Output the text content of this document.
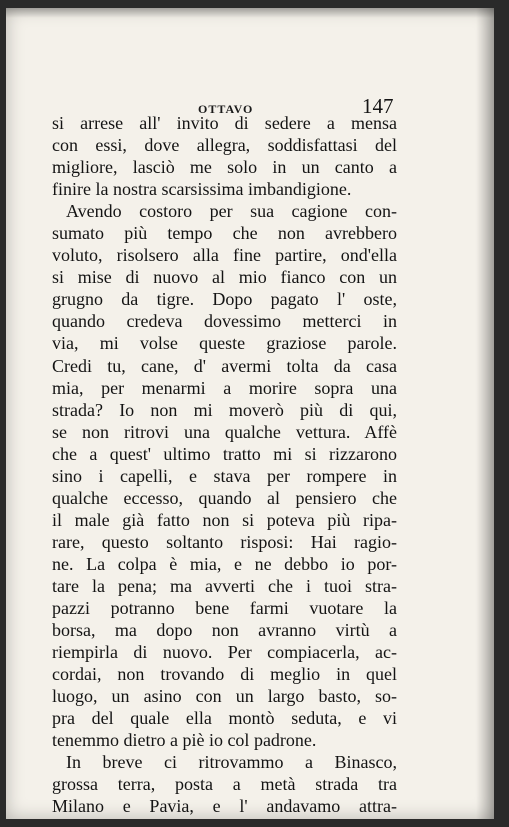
OTTAVO	147
si arrese all' invito di sedere a mensa
con essi, dove allegra, soddisfattasi del
migliore, lasciò me solo in un canto a
finire la nostra scarsissima imbandigione.
Avendo costoro per sua cagione con-
sumato più tempo che non avrebbero
voluto, risolsero alla fine partire, ond'ella
si mise di nuovo al mio fianco con un
grugno da tigre. Dopo pagato l' oste,
quando credeva dovessimo metterci in
via, mi volse queste graziose parole.
Credi tu, cane, d' avermi tolta da casa
mia, per menarmi a morire sopra una
strada? Io non mi moverò più di qui,
se non ritrovi una qualche vettura. Affè
che a quest' ultimo tratto mi si rizzarono
sino i capelli, e stava per rompere in
qualche eccesso, quando al pensiero che
il male già fatto non si poteva più ripa-
rare, questo soltanto risposi: Hai ragio-
ne. La colpa è mia, e ne debbo io por-
tare la pena; ma avverti che i tuoi stra-
pazzi potranno bene farmi vuotare la
borsa, ma dopo non avranno virtù a
riempirla di nuovo. Per compiacerla, ac-
cordai, non trovando di meglio in quel
luogo, un asino con un largo basto, so-
pra del quale ella montò seduta, e vi
tenemmo dietro a piè io col padrone.
In breve ci ritrovammo a Binasco,
grossa terra, posta a metà strada tra
Milano e Pavia, e l' andavamo attra-
